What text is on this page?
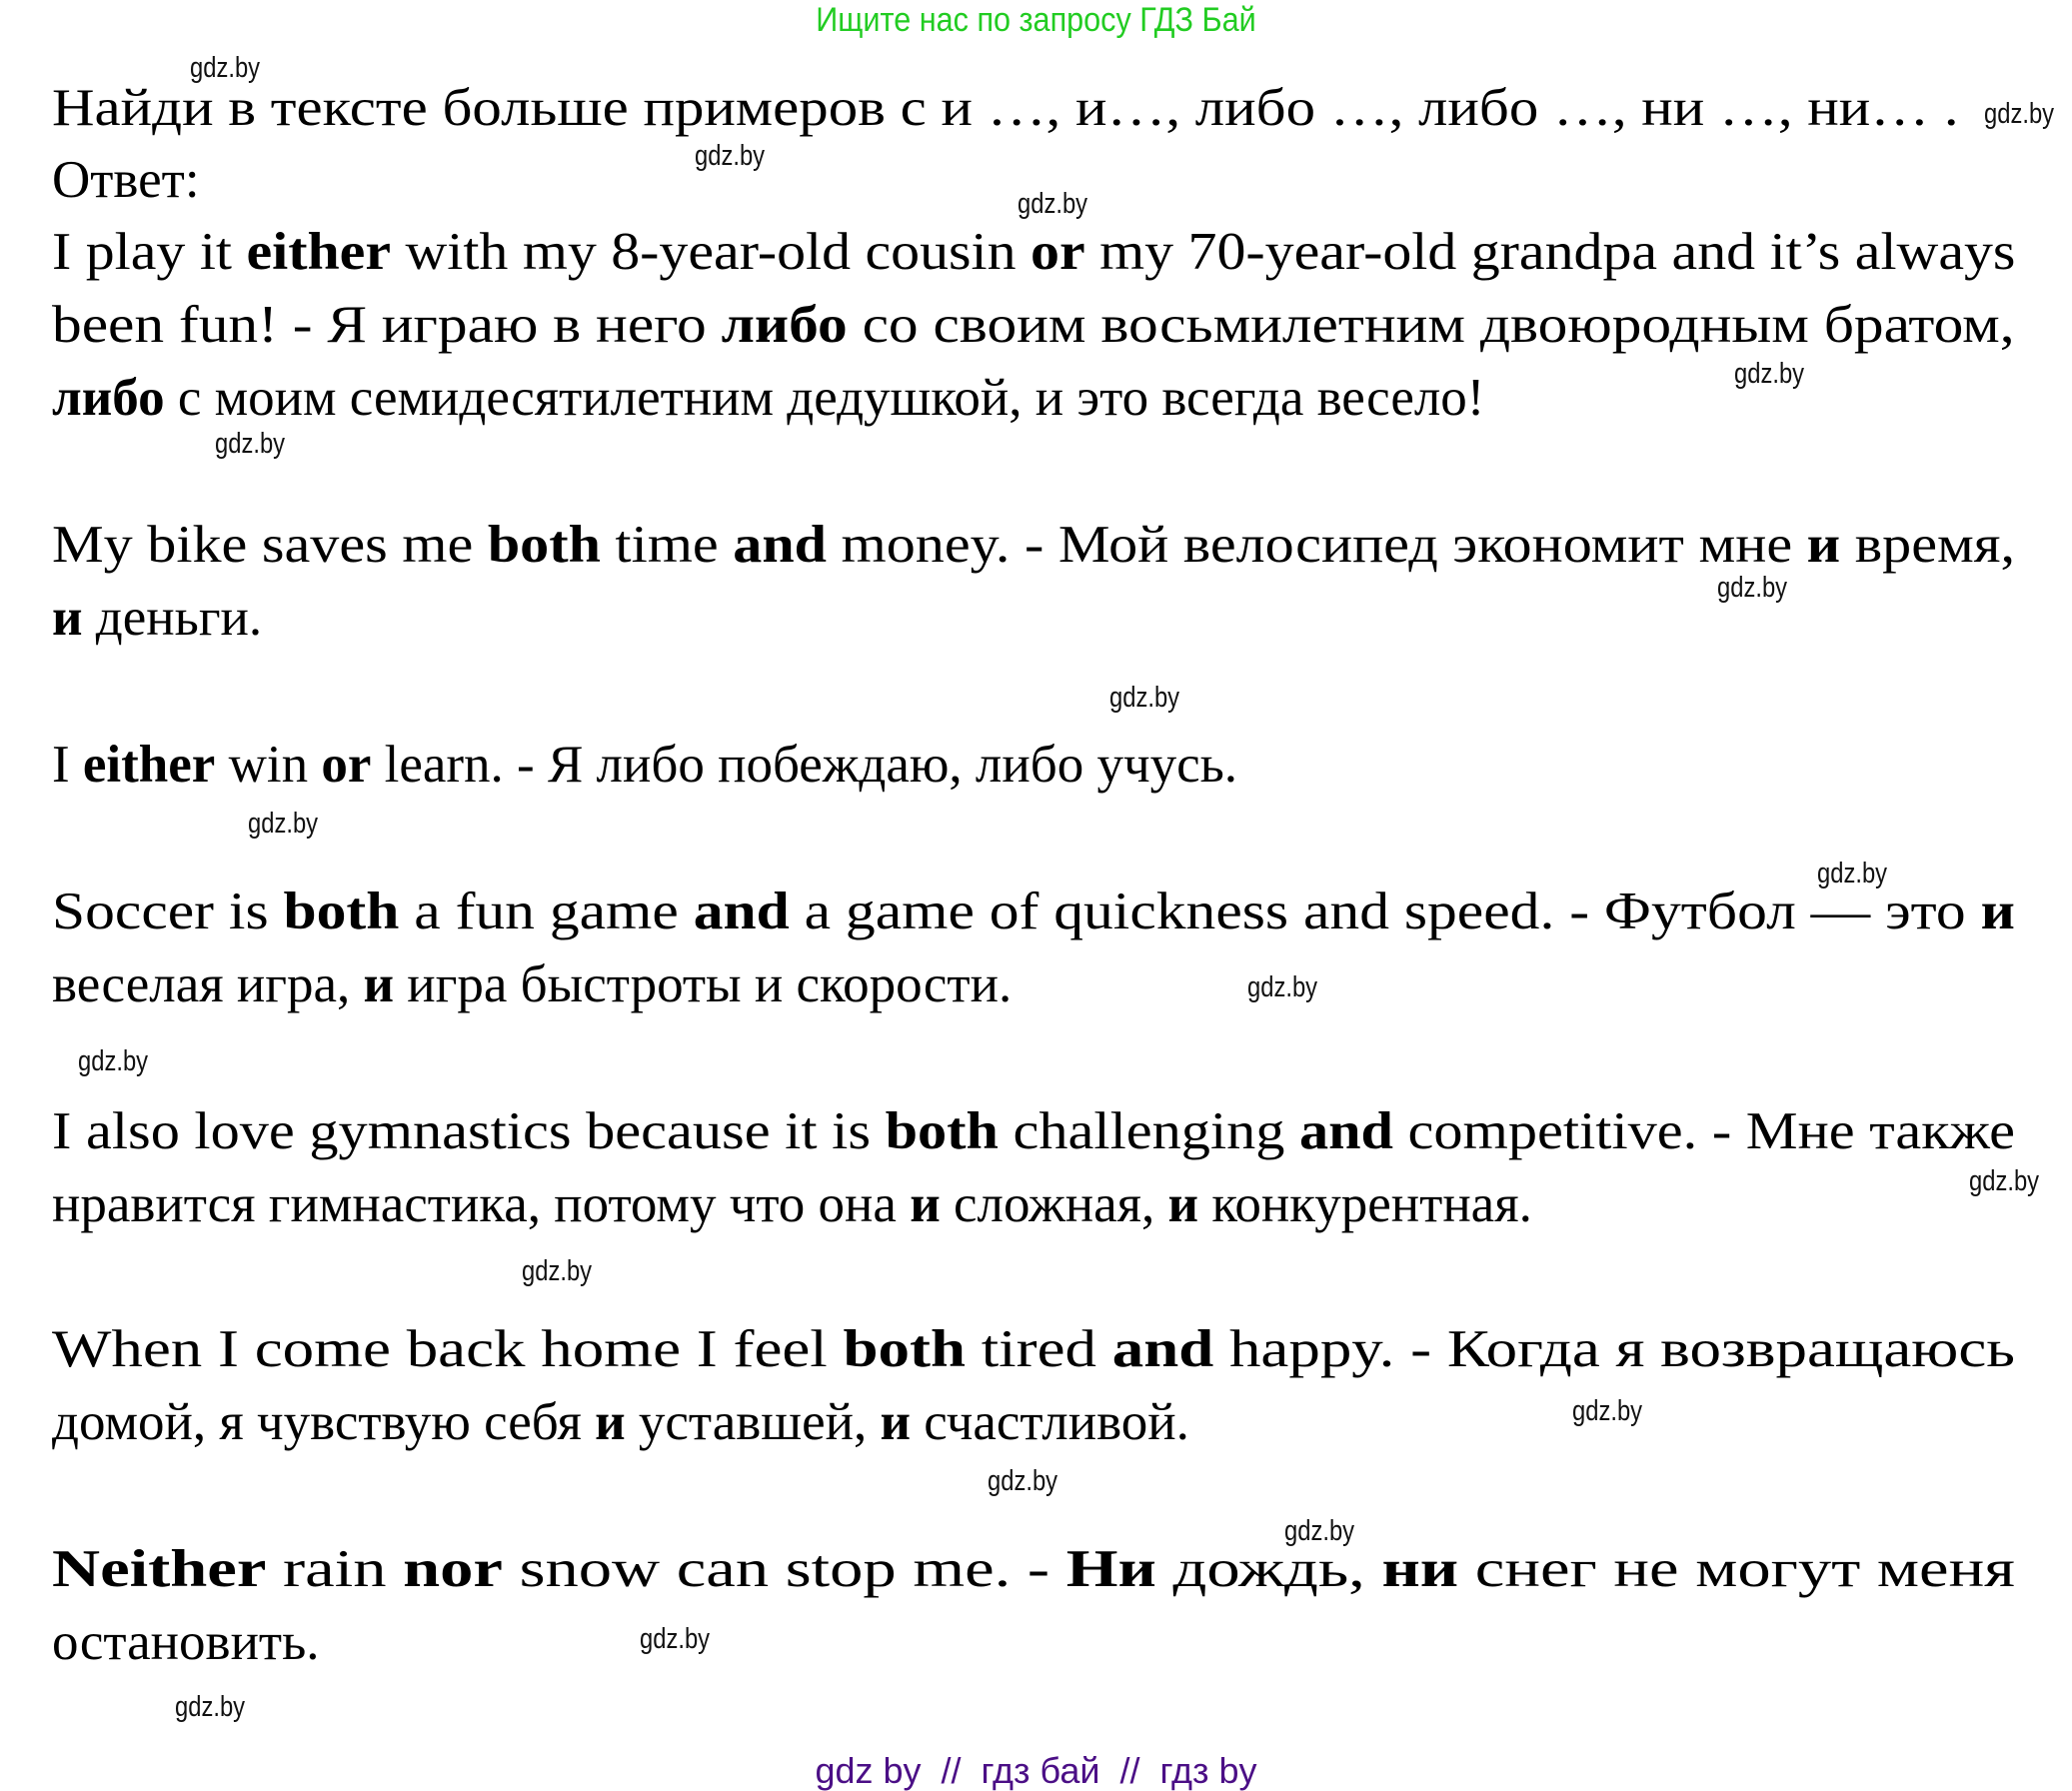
Ищите нас по запросу ГДЗ Бай
Найди в тексте больше примеров с и …, и…, либо …, либо …, ни …, ни… .
Ответ:
I play it either with my 8-year-old cousin or my 70-year-old grandpa and it’s always
been fun! - Я играю в него либо со своим восьмилетним двоюродным братом,
либо с моим семидесятилетним дедушкой, и это всегда весело!
My bike saves me both time and money. - Мой велосипед экономит мне и время,
и деньги.
I either win or learn. - Я либо побеждаю, либо учусь.
Soccer is both a fun game and a game of quickness and speed. - Футбол — это и
веселая игра, и игра быстроты и скорости.
I also love gymnastics because it is both challenging and competitive. - Мне также
нравится гимнастика, потому что она и сложная, и конкурентная.
When I come back home I feel both tired and happy. - Когда я возвращаюсь
домой, я чувствую себя и уставшей, и счастливой.
Neither rain nor snow can stop me. - Ни дождь, ни снег не могут меня
остановить.
gdz.by
gdz.by
gdz.by
gdz.by
gdz.by
gdz.by
gdz.by
gdz.by
gdz.by
gdz.by
gdz.by
gdz.by
gdz.by
gdz.by
gdz.by
gdz.by
gdz.by
gdz.by
gdz.by
gdz by  //  гдз бай  //  гдз by
